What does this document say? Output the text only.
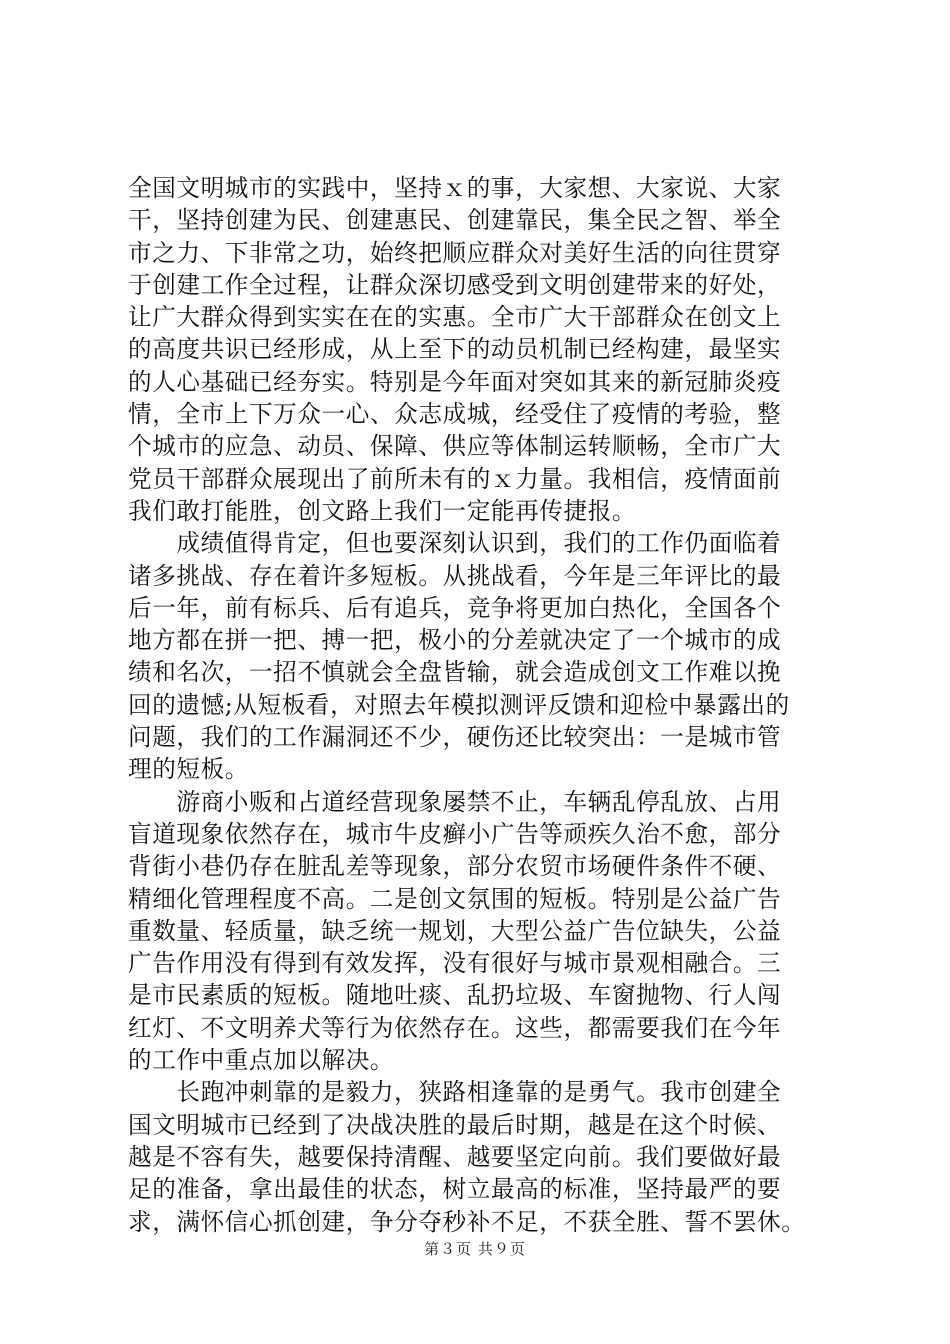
全国文明城市的实践中，坚持ｘ的事，大家想、大家说、大家
干，坚持创建为民、创建惠民、创建靠民，集全民之智、举全
市之力、下非常之功，始终把顺应群众对美好生活的向往贯穿
于创建工作全过程，让群众深切感受到文明创建带来的好处，
让广大群众得到实实在在的实惠。全市广大干部群众在创文上
的高度共识已经形成，从上至下的动员机制已经构建，最坚实
的人心基础已经夯实。特别是今年面对突如其来的新冠肺炎疫
情，全市上下万众一心、众志成城，经受住了疫情的考验，整
个城市的应急、动员、保障、供应等体制运转顺畅，全市广大
党员干部群众展现出了前所未有的ｘ力量。我相信，疫情面前
我们敢打能胜，创文路上我们一定能再传捷报。
　　成绩值得肯定，但也要深刻认识到，我们的工作仍面临着
诸多挑战、存在着许多短板。从挑战看，今年是三年评比的最
后一年，前有标兵、后有追兵，竞争将更加白热化，全国各个
地方都在拼一把、搏一把，极小的分差就决定了一个城市的成
绩和名次，一招不慎就会全盘皆输，就会造成创文工作难以挽
回的遗憾;从短板看，对照去年模拟测评反馈和迎检中暴露出的
问题，我们的工作漏洞还不少，硬伤还比较突出：一是城市管
理的短板。
　　游商小贩和占道经营现象屡禁不止，车辆乱停乱放、占用
盲道现象依然存在，城市牛皮癣小广告等顽疾久治不愈，部分
背街小巷仍存在脏乱差等现象，部分农贸市场硬件条件不硬、
精细化管理程度不高。二是创文氛围的短板。特别是公益广告
重数量、轻质量，缺乏统一规划，大型公益广告位缺失，公益
广告作用没有得到有效发挥，没有很好与城市景观相融合。三
是市民素质的短板。随地吐痰、乱扔垃圾、车窗抛物、行人闯
红灯、不文明养犬等行为依然存在。这些，都需要我们在今年
的工作中重点加以解决。
　　长跑冲刺靠的是毅力，狭路相逢靠的是勇气。我市创建全
国文明城市已经到了决战决胜的最后时期，越是在这个时候、
越是不容有失，越要保持清醒、越要坚定向前。我们要做好最
足的准备，拿出最佳的状态，树立最高的标准，坚持最严的要
求，满怀信心抓创建，争分夺秒补不足，不获全胜、誓不罢休。
第３页 共９页
